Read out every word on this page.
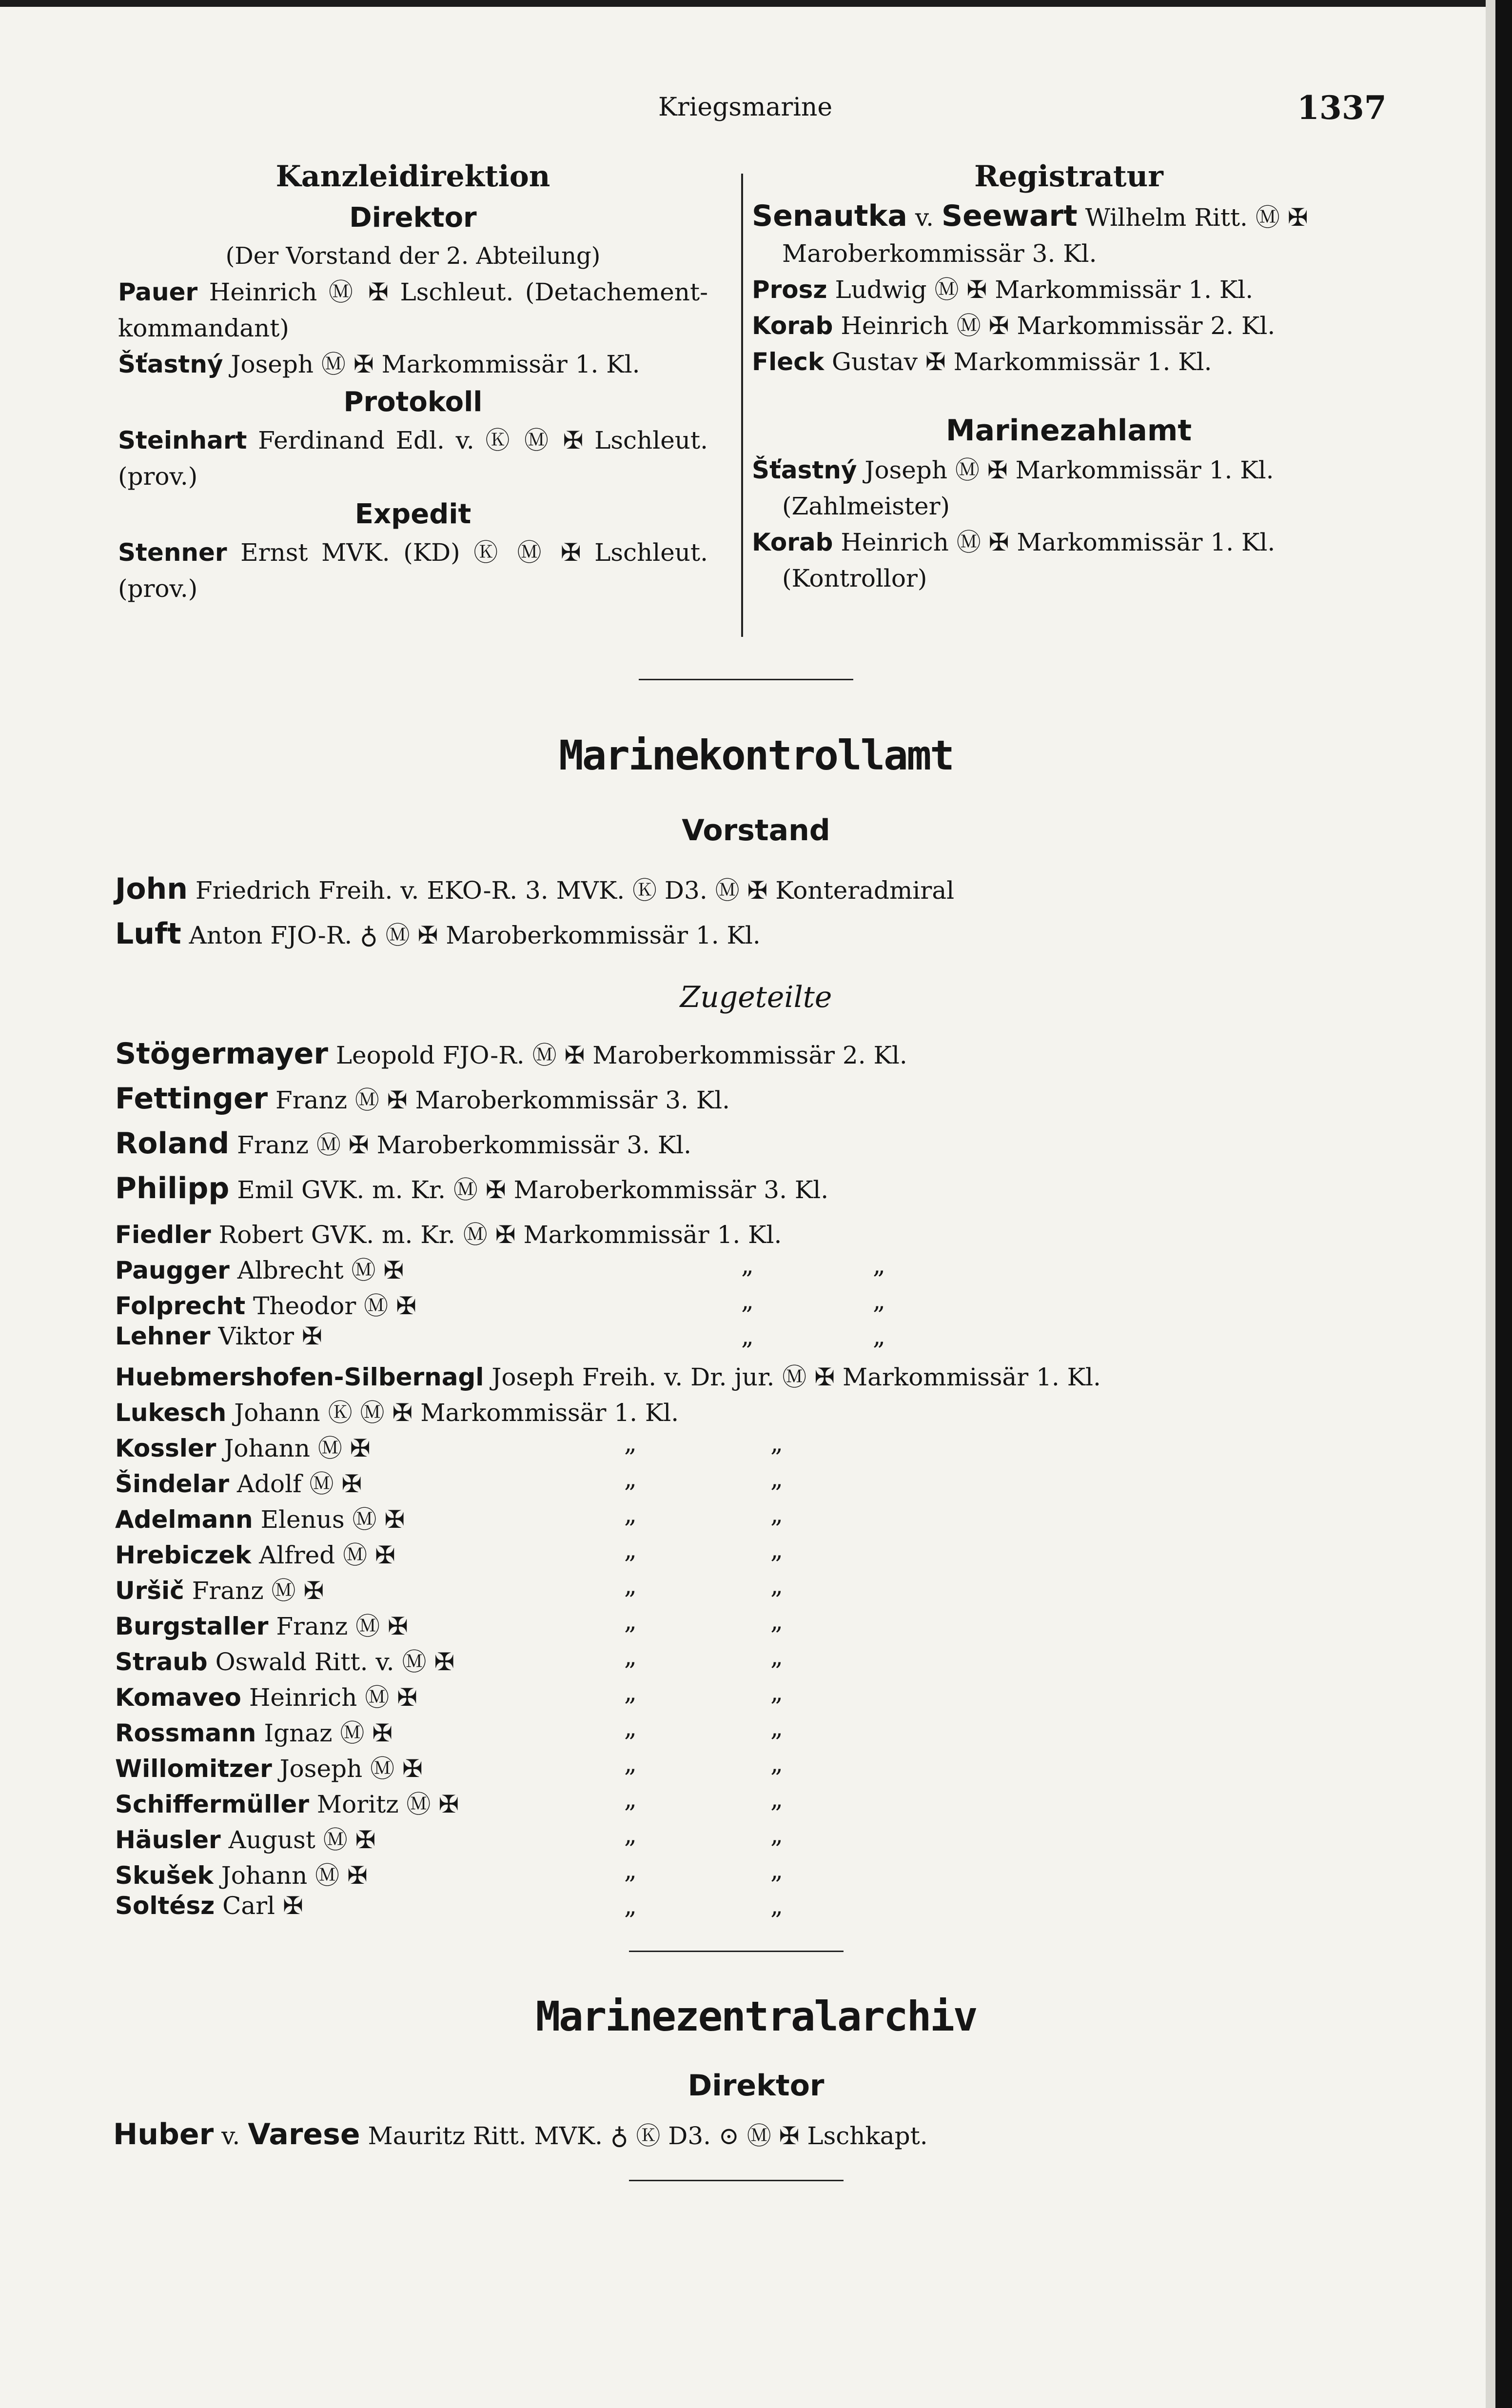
Kriegsmarine	1337
Kanzleidirektion
Direktor
(Der Vorstand der 2. Abteilung)
Pauer Heinrich Ⓜ ✠ Lschleut. (Detachement-kommandant)
Šťastný Joseph Ⓜ ✠ Markommissär 1. Kl.
Protokoll
Steinhart Ferdinand Edl. v. Ⓚ Ⓜ ✠ Lschleut. (prov.)
Expedit
Stenner Ernst MVK. (KD) Ⓚ Ⓜ ✠ Lschleut. (prov.)
Registratur
Senautka v. Seewart Wilhelm Ritt. Ⓜ ✠
Maroberkommissär 3. Kl.
Prosz Ludwig Ⓜ ✠ Markommissär 1. Kl.
Korab Heinrich Ⓜ ✠ Markommissär 2. Kl.
Fleck Gustav ✠ Markommissär 1. Kl.
Marinezahlamt
Šťastný Joseph Ⓜ ✠ Markommissär 1. Kl.
(Zahlmeister)
Korab Heinrich Ⓜ ✠ Markommissär 1. Kl.
(Kontrollor)
Marinekontrollamt
Vorstand
John Friedrich Freih. v. EKO-R. 3. MVK. Ⓚ D3. Ⓜ ✠ Konteradmiral
Luft Anton FJO-R. ♁ Ⓜ ✠ Maroberkommissär 1. Kl.
Zugeteilte
Stögermayer Leopold FJO-R. Ⓜ ✠ Maroberkommissär 2. Kl.
Fettinger Franz Ⓜ ✠ Maroberkommissär 3. Kl.
Roland Franz Ⓜ ✠ Maroberkommissär 3. Kl.
Philipp Emil GVK. m. Kr. Ⓜ ✠ Maroberkommissär 3. Kl.
Fiedler Robert GVK. m. Kr. Ⓜ ✠ Markommissär 1. Kl.
Paugger Albrecht Ⓜ ✠	„	„
Folprecht Theodor Ⓜ ✠	„	„
Lehner Viktor ✠	„	„
Huebmershofen-Silbernagl Joseph Freih. v. Dr. jur. Ⓜ ✠ Markommissär 1. Kl.
Lukesch Johann Ⓚ Ⓜ ✠ Markommissär 1. Kl.
Kossler Johann Ⓜ ✠	„	„
Šindelar Adolf Ⓜ ✠	„	„
Adelmann Elenus Ⓜ ✠	„	„
Hrebiczek Alfred Ⓜ ✠	„	„
Uršič Franz Ⓜ ✠	„	„
Burgstaller Franz Ⓜ ✠	„	„
Straub Oswald Ritt. v. Ⓜ ✠	„	„
Komaveo Heinrich Ⓜ ✠	„	„
Rossmann Ignaz Ⓜ ✠	„	„
Willomitzer Joseph Ⓜ ✠	„	„
Schiffermüller Moritz Ⓜ ✠	„	„
Häusler August Ⓜ ✠	„	„
Skušek Johann Ⓜ ✠	„	„
Soltész Carl ✠	„	„
Marinezentralarchiv
Direktor
Huber v. Varese Mauritz Ritt. MVK. ♁ Ⓚ D3. ⊙ Ⓜ ✠ Lschkapt.
